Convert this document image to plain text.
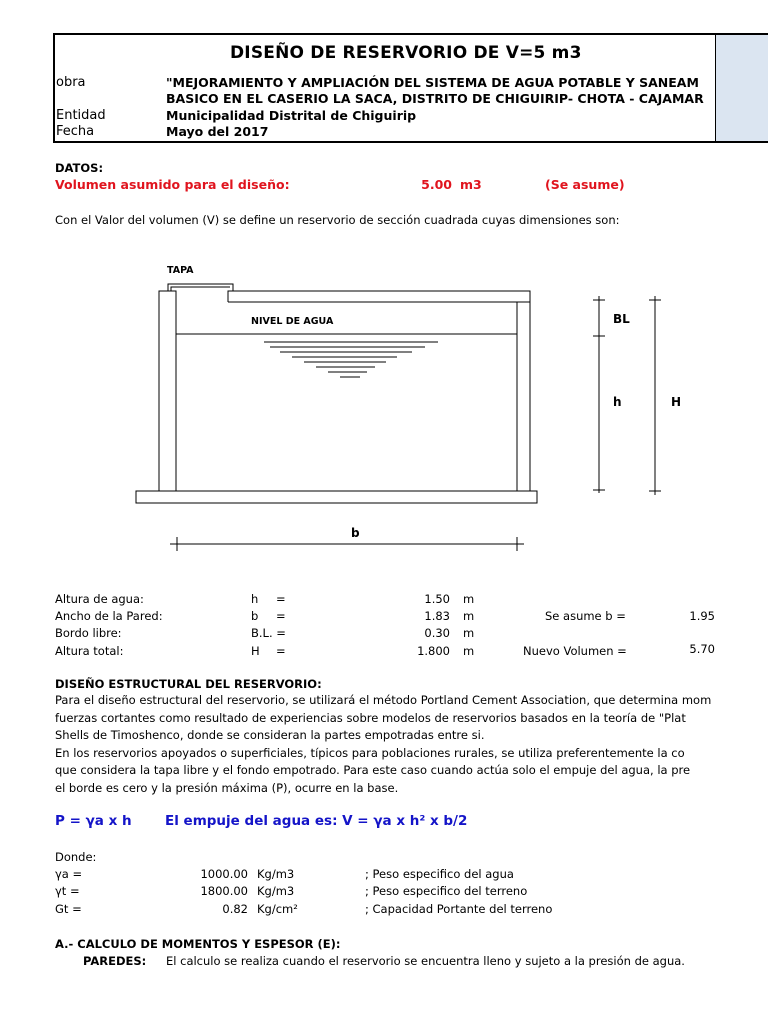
DISEÑO DE RESERVORIO DE V=5 m3
obra	"MEJORAMIENTO Y AMPLIACIÓN DEL SISTEMA DE AGUA POTABLE Y SANEAM
BASICO EN EL CASERIO LA SACA, DISTRITO DE CHIGUIRIP- CHOTA - CAJAMAR
Entidad	Municipalidad Distrital de Chiguirip
Fecha	Mayo del 2017
DATOS:
Volumen asumido para el diseño:	5.00 m3	(Se asume)
Con el Valor del volumen (V) se define un reservorio de sección cuadrada cuyas dimensiones son:
TAPA
NIVEL DE AGUA	BL
h	H
b
Altura de agua:	h =	1.50 m
Ancho de la Pared:	b =	1.83 m	Se asume b =	1.95
Bordo libre:	B.L. =	0.30 m
Altura total:	H =	1.800 m	Nuevo Volumen =	5.70
DISEÑO ESTRUCTURAL DEL RESERVORIO:
Para el diseño estructural del reservorio, se utilizará el método Portland Cement Association, que determina mom
fuerzas cortantes como resultado de experiencias sobre modelos de reservorios basados en la teoría de "Plat
Shells de Timoshenco, donde se consideran la partes empotradas entre si.
En los reservorios apoyados o superficiales, típicos para poblaciones rurales, se utiliza preferentemente la co
que considera la tapa libre y el fondo empotrado. Para este caso cuando actúa solo el empuje del agua, la pre
el borde es cero y la presión máxima (P), ocurre en la base.
P = γa x h El empuje del agua es: V = γa x h² x b/2
Donde:
γa =	1000.00 Kg/m3	; Peso especifico del agua
γt =	1800.00 Kg/m3	; Peso especifico del terreno
Gt =	0.82 Kg/cm²	; Capacidad Portante del terreno
A.- CALCULO DE MOMENTOS Y ESPESOR (E):
PAREDES: El calculo se realiza cuando el reservorio se encuentra lleno y sujeto a la presión de agua.
